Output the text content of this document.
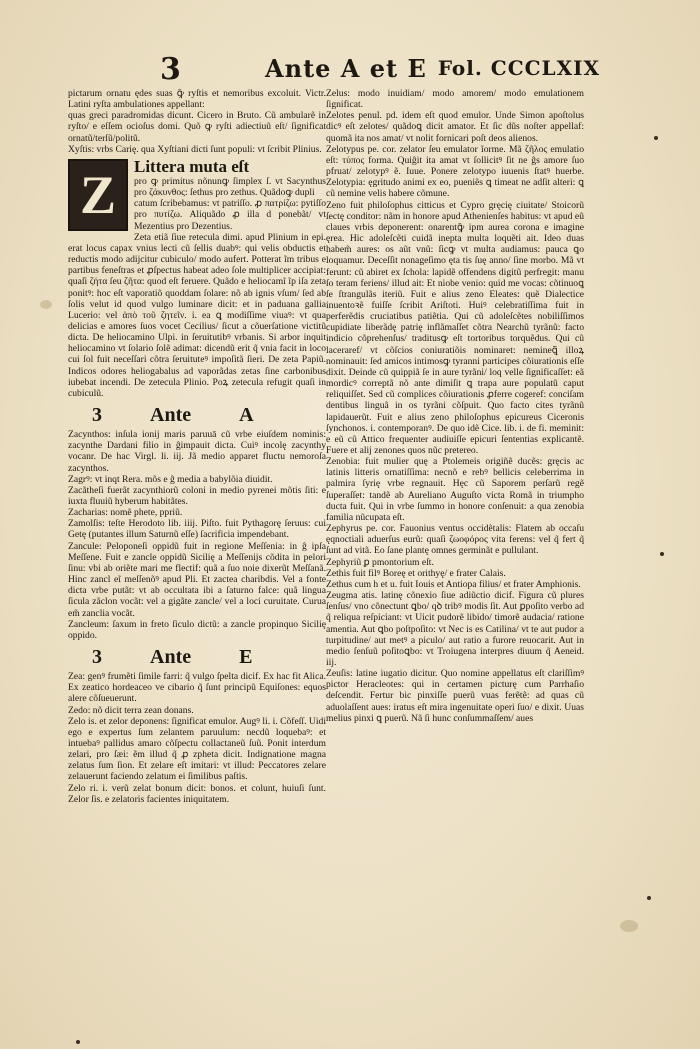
3	Ante A et E Fol. CCCLXIX

pictarum ornatu ędes suas ꝙ̄ ryſtis et nemoribus excoluit. Victr. Latini ryſta ambulationes appellant:

quas greci paradromidas dicunt. Cicero in Bruto. Cũ ambularẽ in ryſto/ e eſſem ocioſus domi. Quõ ꝙ ryſti adiectiuũ eſt/ ſignificat ornatũ/terſũ/politũ.

Xyſtis: vrbs Carię. qua Xyſtiani dicti ſunt populi: vt ſcribit Plinius.

Z	Littera muta eſt

pro ꝙ primitus nõnunꝙ ſimplex ſ. vt Sacynthus pro ζάκυνθος: ſethus pro zethus. Quãdoꝙ dupli

catum ſcribebamus: vt patriſſo. ꝓ πατρίζω: pytiſſo pro πυτίζω. Aliquãdo ꝓ illa d ponebãt/ vt Mezentius pro Dezentius.

Zeta etiã ſiue retecula dimi. apud Plinium in epi. erat locus capax vnius lecti cũ ſellis duabꝰ: qui velis obductis et reductis modo adijcitur cubiculo/ modo aufert. Potterat ĩm tribus e partibus feneſtras et ꝓſpectus habeat adeo ſole multiplicer accipiat: quaſi ζήτα ſeu ζῆτα: quod eſt feruere. Quãdo e heliocamĩ ĩp iſa zeta ponitꝰ: hoc eſt vaporatiõ quoddam ſolare: nõ ab ignis vſum/ ſed ab ſolis velut id quod vulgo luminare dicit: et in paduana gallia Lucerio: vel ἀπὸ τοῦ ζητεῖν. i. ea ꝗ modiſſime viuaꝰ: vt qua delicias e amores ſuos vocet Cecilius/ ſicut a cõuerſatione victitũ dicta. De heliocamino Ulpi. in ſeruitutibꝰ vrbanis. Si arbor inquit heliocamino vt ſolario ſolẽ adimat: dicendũ erit q̃ vnia facit in loco cui ſol fuit neceſſari cõtra ſeruituteꝰ impoſitã ſieri. De zeta Papiũ. Indicos odores heliogabalus ad vaporãdas zetas ſine carbonibus iubebat incendi. De zetecula Plinio. Poꝝ zetecula refugit quaſi in cubiculũ.

3 Ante A

Zacynthos: inſula ionij maris paruuā cũ vrbe eiuſdem nominis: zacynthe Dardani filio in ĝimpauit dicta. Cuiꝰ incolę zacynthy vocanr. De hac Virgl. li. iij. Jã medio apparet fluctu nemoroſa zacynthos.

Zagrꝰ: vt inqt Rera. mõs e ĝ media a babylõia diuidit.

Zacãtheſi fuerãt zacynthiorũ coloni in medio pyrenei mõtis ſiti: e iuxta fluuiũ hyberum habitãtes.

Zacharias: nomẽ phete, ppriũ.

Zamolſis: teſte Herodoto lib. iiij. Piſto. fuit Pythagorę ſeruus: cui Getę (putantes illum Saturnũ eſſe) ſacrificia impendebant.

Zancule: Peloponeſi oppidũ fuit in regione Meſſenia: in ĝ ipſa Meſſene. Fuit e zancle oppidũ Sicilię a Meſſenijs cõdita in pelori ſinu: vbi ab oriẽte mari me flectif: quã a ſuo noie dixerũt Meſſanã. Hinc zancl eĩ meſſenõꝰ apud Pli. Et zactea charibdis. Vel a fonte dicta vrbe putãt: vt ab occultata ibi a ſaturno falce: quã lingua ſicula zãclon vocãt: vel a gigãte zancle/ vel a loci curuitate. Curua em̃ zanclia vocãt.

Zancleum: ſaxum in freto ſiculo dictũ: a zancle propinquo Sicilię oppido.

3 Ante E

Zea: genꝰ frumẽti ſimile farri: q̃ vulgo ſpelta dicif. Ex hac fit Alica. Ex zeatico hordeaceo ve cibario q̃ ſunt principũ Equiſones: equos alere cõſueuerunt.

Zedo: nõ dicit terra zean donans.

Zelo is. et zelor deponens: ſignificat emulor. Augꝰ li. i. Cõfeſſ. Uidi ego e expertus ſum zelantem paruulum: necdũ loquebaꝰ: et intuebaꝰ pallidus amaro cõſpectu collactaneũ ſuũ. Ponit interdum zelari, pro ſæi: ẽm illud q̃ ꝓ zpheta dicit. Indignatione magna zelatus ſum ſion. Et zelare eſt imitari: vt illud: Peccatores zelare zelauerunt faciendo zelatum ei ſimilibus paſtis.

Zelo ri. i. verũ zelat bonum dicit: bonos. et colunt, huiuſi ſunt. Zelor ſis. e zelatoris facientes iniquitatem.

Zelus: modo inuidiam/ modo amorem/ modo emulationem ſignificat.

Zelotes penul. pd. idem eſt quod emulor. Unde Simon apoſtolus dicꝰ eſt zelotes/ quãdoꝗ dicit amator. Et ſic dũs noſter appellaf: quomã ita nos amat/ vt nolit fornicari poſt deos alienos.

Zelotypus pe. cor. zelator ſeu emulator ĩorme. Mã ζῆλος emulatio eſt: τύπος forma. Quiĝit ita amat vt ſollicitꝰ ſit ne ĝs amore ſuo pfruat/ zelotypꝰ ẽ. Iuue. Ponere zelotypo iuuenis ſtatꝰ huerbe. Zelotypia: ęgritudo animi ex eo, pueniẽs ꝗ timeat ne adſit alteri: ꝗ cũ nemine velis habere cõmune.

Zeno fuit philoſophus citticus et Cypro gręcię ciuitate/ Stoicorũ ſectę conditor: nãm in honore apud Athenienſes habitus: vt apud eũ claues vrbis deponerent: onarentꝙ̄ ipm aurea corona e imagine ęrea. Hic adoleſcẽti cuidã inepta multa loquẽti ait. Ideo duas habem̃ aures: os aũt vnũ: ſicꝙ vt multa audiamus: pauca ꝗo loquamur. Deceſſit nonageſimo ęta tis ſuę anno/ ſine morbo. Mã vt ferunt: cũ abiret ex ſchola: lapidẽ offendens digitũ perfregit: manu ſo teram feriens/ illud ait: Et niobe venio: quid me vocas: cõtinuoꝗ ſe ſtrangulãs iteriũ. Fuit e alius zeno Eleates: quẽ Dialectice inuentoꝛẽ fuiſſe ſcribit Ariſtoti. Huiꝰ celebratiſſima fuit in perferẽdis cruciatibus patiẽtia. Qui cũ adoleſcẽtes nobiliſſimos cupidiate liberãdę patrię inflãmaſſet cõtra Nearchũ tyrãnũ: facto indicio cõprehenſus/ traditusꝙ eſt tortoribus torquẽdus. Qui cũ laceraref/ vt cõſcios coniuratiõis nominaret: nemineꝗ̃ illoꝝ nominauit: ſed amicos intimosꝙ tyranni participes cõiurationis eſſe dixit. Deinde cũ quippiã ſe in aure tyrãni/ loq velle ſignificaſſet: eã mordicꝰ correptã nõ ante dimiſit ꝗ trapa aure populatũ caput reliquiſſet. Sed cũ complices cõiurationis ꝓferre cogeref: conciſam dentibus linguã in os tyrãni cõſpuit. Quo facto cites tyrãnũ lapidauerũt. Fuit e alius zeno philoſophus epicureus Ciceronis ſynchonos. i. contemporanꝰ. De quo idẽ Cice. lib. i. de fi. meminit: e eũ cũ Attico frequenter audiuiſſe epicuri ſententias explicantẽ. Fuere et alij zenones quos nũc pretereo.

Zenobia: fuit mulier quę a Ptolemeis origiñẽ ducẽs: gręcis ac latinis litteris ornatiſſima: necnõ e rebꝰ bellicis celeberrima in palmira ſyrię vrbe regnauit. Hęc cũ Saporem perſarũ regẽ ſuperaſſet: tandẽ ab Aureliano Auguſto victa Romã in triumpho ducta fuit. Qui in vrbe ſummo in honore conſenuit: a qua zenobia familia nũcupata eſt.

Zephyrus pe. cor. Fauonius ventus occidẽtalis: Flatem ab occaſu ęqnoctiali aduerſus eurũ: quaſi ζωοφόρος vita ferens: vel q̃ fert q̃ ſunt ad vitã. Eo ſane plantę omnes germinãt e pullulant.

Zephyriũ ꝑ pmontorium eſt.

Zethis fuit filꝰ Boreę et orithyę/ e frater Calais.

Zethus cum h et u. fuit Iouis et Antiopa filius/ et frater Amphionis.

Zeugma atis. latinę cõnexio ſiue adiũctio dicif. Figura cũ plures ſenſus/ vno cõnectunt ꝗbo/ qꝺ tribꝰ modis ſit. Aut ꝑpoſito verbo ad q̃ reliqua reſpiciant: vt Uicit pudorẽ libido/ timorẽ audacia/ ratione amentia. Aut ꝗbo poſtpoſito: vt Nec is es Catilina/ vt te aut pudor a turpitudine/ aut metꝰ a piculo/ aut ratio a furore reuocarit. Aut in medio ſenſuũ poſitoꝗbo: vt Troiugena interpres diuum q̃ Aeneid. iij.

Zeuſis: latine iugatio dicitur. Quo nomine appellatus eſt clariſſimꝰ pictor Heracleotes: qui in certamen picturę cum Parrhaſio deſcendit. Fertur bic pinxiſſe puerũ vuas ferẽtẽ: ad quas cũ aduolaſſent aues: iratus eſt mira ingenuitate operi ſuo/ e dixit. Uuas melius pinxi ꝗ puerũ. Nã ſi hunc conſummaſſem/ aues
